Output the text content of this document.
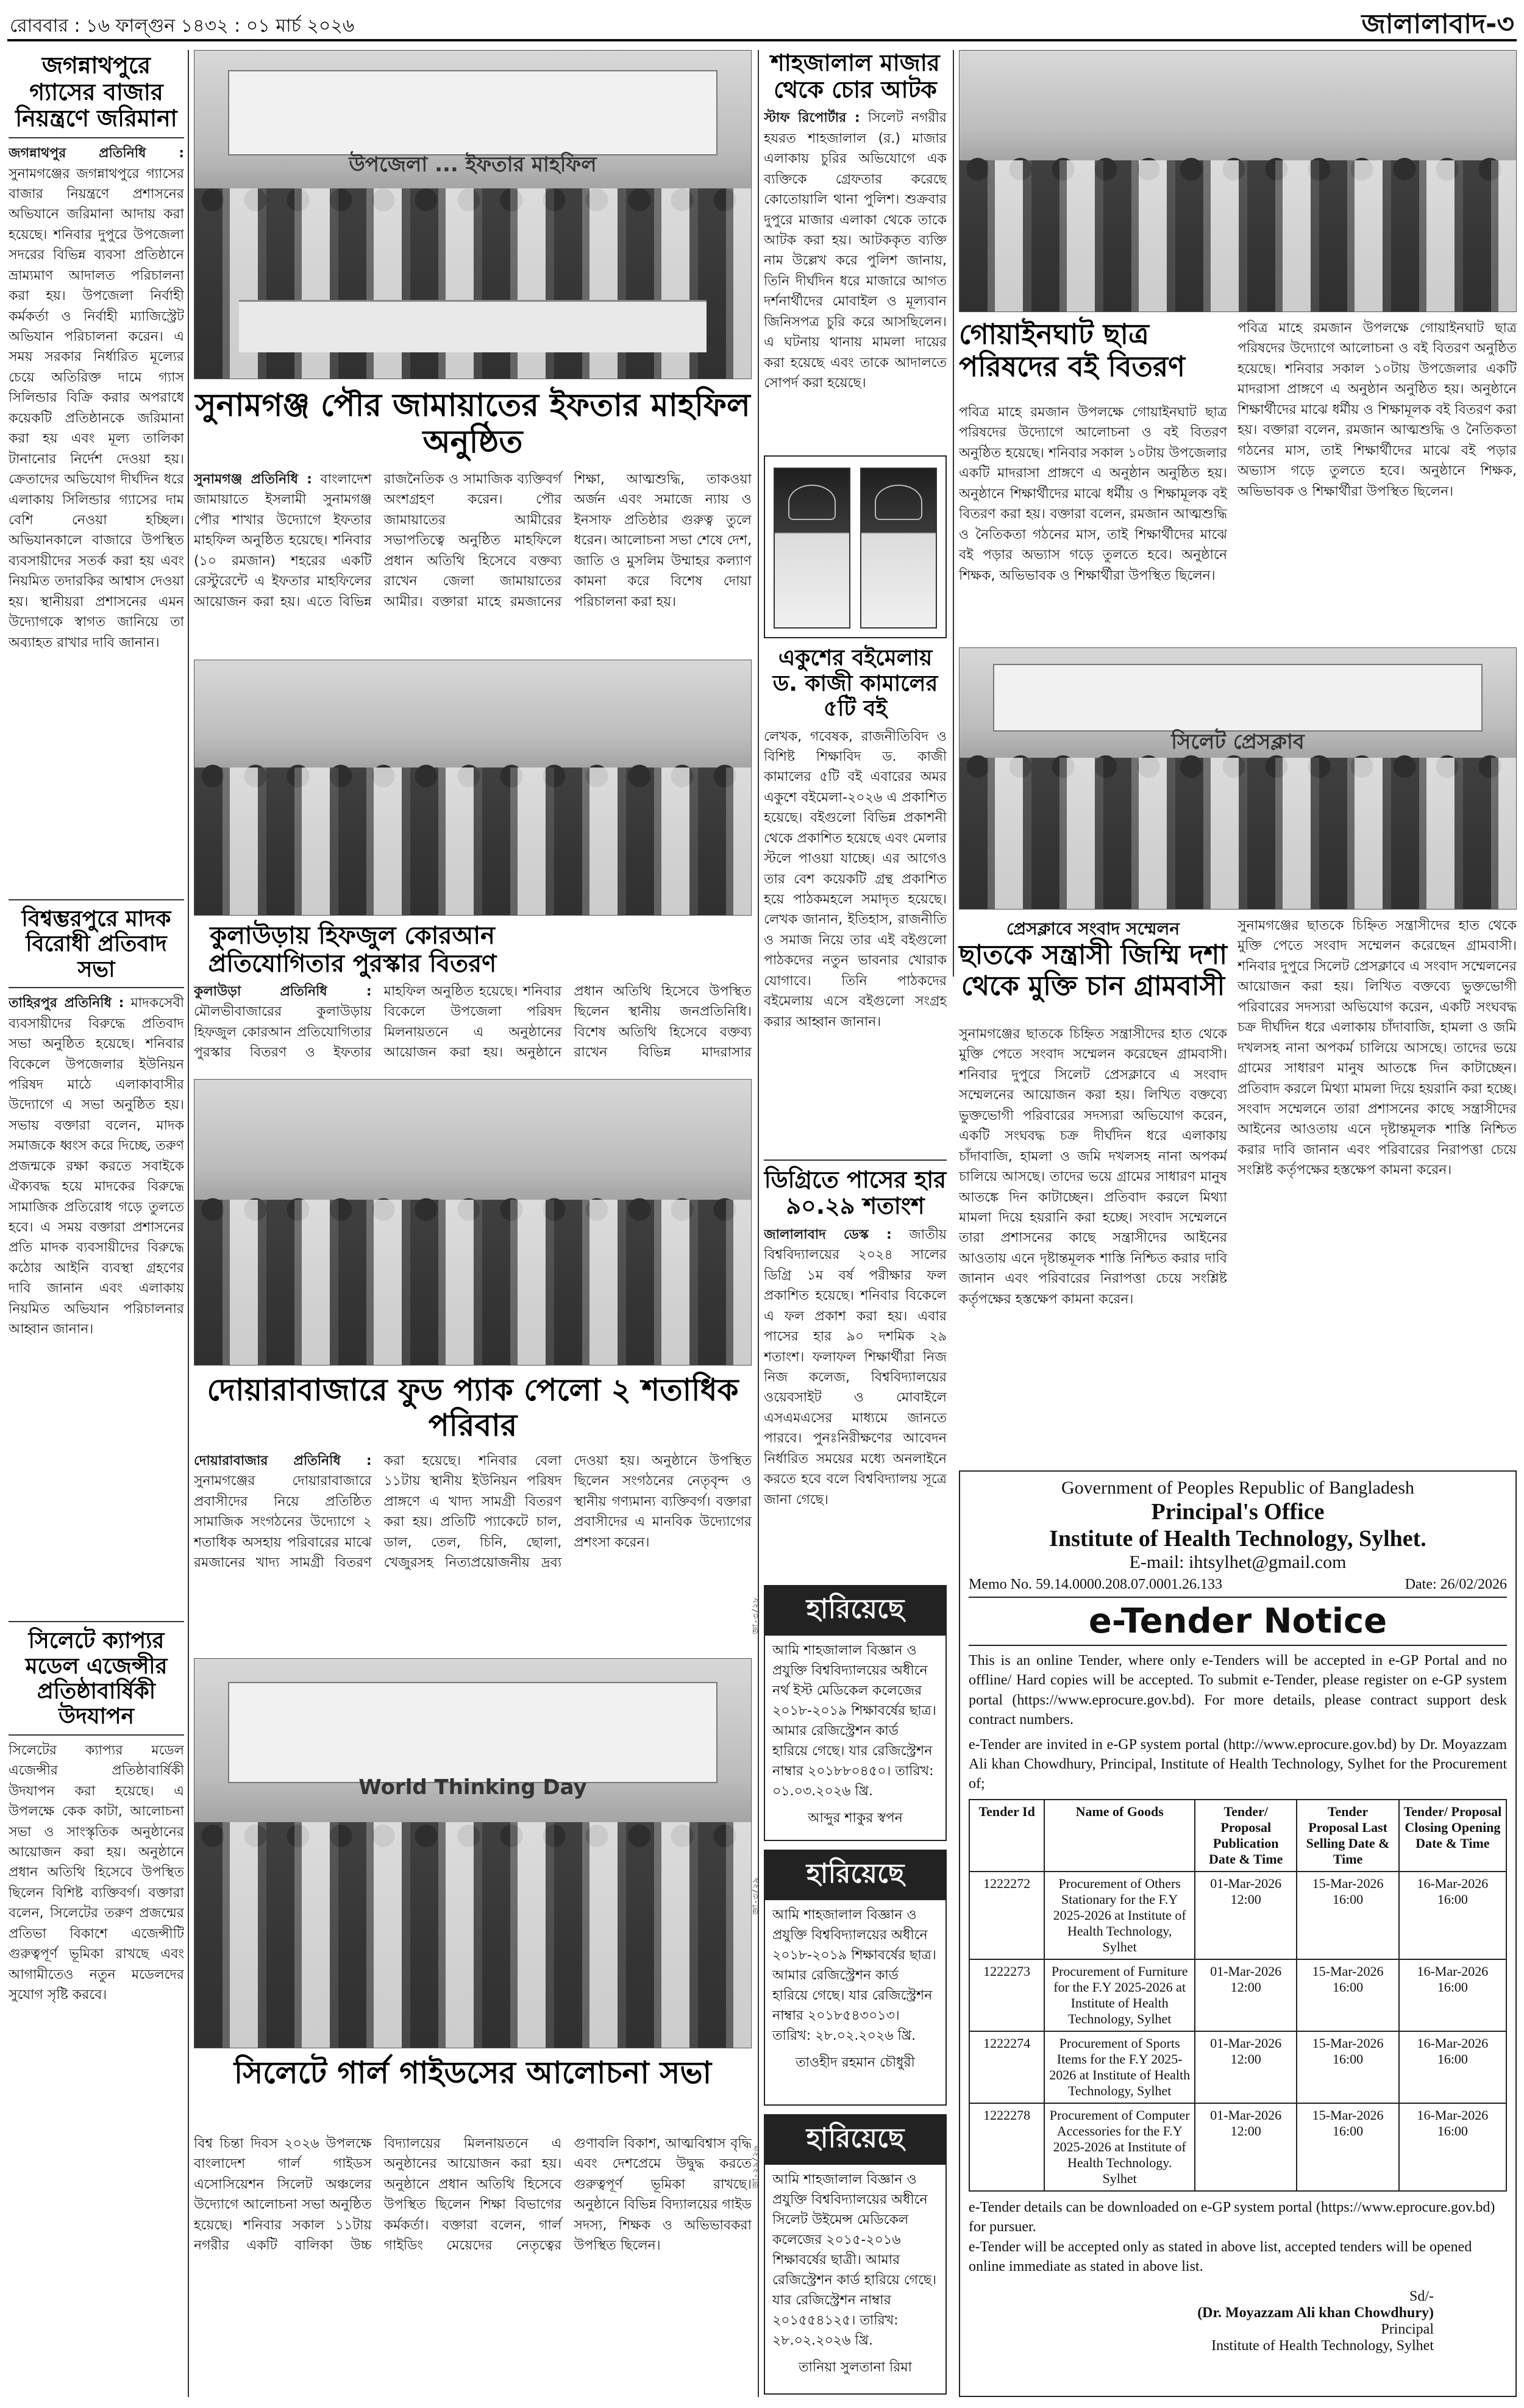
রোববার : ১৬ ফাল্গুন ১৪৩২ : ০১ মার্চ ২০২৬	জালালাবাদ-৩
জগন্নাথপুরে গ্যাসের বাজার নিয়ন্ত্রণে জরিমানা
জগন্নাথপুর প্রতিনিধি : সুনামগঞ্জের জগন্নাথপুরে গ্যাসের বাজার নিয়ন্ত্রণে প্রশাসনের অভিযানে জরিমানা আদায় করা হয়েছে। শনিবার দুপুরে উপজেলা সদরের বিভিন্ন ব্যবসা প্রতিষ্ঠানে ভ্রাম্যমাণ আদালত পরিচালনা করা হয়। উপজেলা নির্বাহী কর্মকর্তা ও নির্বাহী ম্যাজিস্ট্রেট অভিযান পরিচালনা করেন। এ সময় সরকার নির্ধারিত মূল্যের চেয়ে অতিরিক্ত দামে গ্যাস সিলিন্ডার বিক্রি করার অপরাধে কয়েকটি প্রতিষ্ঠানকে জরিমানা করা হয় এবং মূল্য তালিকা টানানোর নির্দেশ দেওয়া হয়। ক্রেতাদের অভিযোগ দীর্ঘদিন ধরে এলাকায় সিলিন্ডার গ্যাসের দাম বেশি নেওয়া হচ্ছিল। অভিযানকালে বাজারে উপস্থিত ব্যবসায়ীদের সতর্ক করা হয় এবং নিয়মিত তদারকির আশ্বাস দেওয়া হয়। স্থানীয়রা প্রশাসনের এমন উদ্যোগকে স্বাগত জানিয়ে তা অব্যাহত রাখার দাবি জানান।
বিশ্বম্ভরপুরে মাদক বিরোধী প্রতিবাদ সভা
তাহিরপুর প্রতিনিধি : মাদকসেবী ব্যবসায়ীদের বিরুদ্ধে প্রতিবাদ সভা অনুষ্ঠিত হয়েছে। শনিবার বিকেলে উপজেলার ইউনিয়ন পরিষদ মাঠে এলাকাবাসীর উদ্যোগে এ সভা অনুষ্ঠিত হয়। সভায় বক্তারা বলেন, মাদক সমাজকে ধ্বংস করে দিচ্ছে, তরুণ প্রজন্মকে রক্ষা করতে সবাইকে ঐক্যবদ্ধ হয়ে মাদকের বিরুদ্ধে সামাজিক প্রতিরোধ গড়ে তুলতে হবে। এ সময় বক্তারা প্রশাসনের প্রতি মাদক ব্যবসায়ীদের বিরুদ্ধে কঠোর আইনি ব্যবস্থা গ্রহণের দাবি জানান এবং এলাকায় নিয়মিত অভিযান পরিচালনার আহ্বান জানান।
সিলেটে ক্যাপ্যর মডেল এজেন্সীর প্রতিষ্ঠাবার্ষিকী উদযাপন
সিলেটের ক্যাপ্যর মডেল এজেন্সীর প্রতিষ্ঠাবার্ষিকী উদযাপন করা হয়েছে। এ উপলক্ষে কেক কাটা, আলোচনা সভা ও সাংস্কৃতিক অনুষ্ঠানের আয়োজন করা হয়। অনুষ্ঠানে প্রধান অতিথি হিসেবে উপস্থিত ছিলেন বিশিষ্ট ব্যক্তিবর্গ। বক্তারা বলেন, সিলেটের তরুণ প্রজন্মের প্রতিভা বিকাশে এজেন্সীটি গুরুত্বপূর্ণ ভূমিকা রাখছে এবং আগামীতেও নতুন মডেলদের সুযোগ সৃষ্টি করবে।
উপজেলা ... ইফতার মাহফিল
সুনামগঞ্জ পৌর জামায়াতের ইফতার মাহফিল অনুষ্ঠিত
সুনামগঞ্জ প্রতিনিধি : বাংলাদেশ জামায়াতে ইসলামী সুনামগঞ্জ পৌর শাখার উদ্যোগে ইফতার মাহফিল অনুষ্ঠিত হয়েছে। শনিবার (১০ রমজান) শহরের একটি রেস্টুরেন্টে এ ইফতার মাহফিলের আয়োজন করা হয়। এতে বিভিন্ন রাজনৈতিক ও সামাজিক ব্যক্তিবর্গ অংশগ্রহণ করেন। পৌর জামায়াতের আমীরের সভাপতিত্বে অনুষ্ঠিত মাহফিলে প্রধান অতিথি হিসেবে বক্তব্য রাখেন জেলা জামায়াতের আমীর। বক্তারা মাহে রমজানের শিক্ষা, আত্মশুদ্ধি, তাকওয়া অর্জন এবং সমাজে ন্যায় ও ইনসাফ প্রতিষ্ঠার গুরুত্ব তুলে ধরেন। আলোচনা সভা শেষে দেশ, জাতি ও মুসলিম উম্মাহর কল্যাণ কামনা করে বিশেষ দোয়া পরিচালনা করা হয়।
কুলাউড়ায় হিফজুল কোরআন প্রতিযোগিতার পুরস্কার বিতরণ
কুলাউড়া প্রতিনিধি : মৌলভীবাজারের কুলাউড়ায় হিফজুল কোরআন প্রতিযোগিতার পুরস্কার বিতরণ ও ইফতার মাহফিল অনুষ্ঠিত হয়েছে। শনিবার বিকেলে উপজেলা পরিষদ মিলনায়তনে এ অনুষ্ঠানের আয়োজন করা হয়। অনুষ্ঠানে প্রধান অতিথি হিসেবে উপস্থিত ছিলেন স্থানীয় জনপ্রতিনিধি। বিশেষ অতিথি হিসেবে বক্তব্য রাখেন বিভিন্ন মাদরাসার
দোয়ারাবাজারে ফুড প্যাক পেলো ২ শতাধিক পরিবার
দোয়ারাবাজার প্রতিনিধি : সুনামগঞ্জের দোয়ারাবাজারে প্রবাসীদের নিয়ে প্রতিষ্ঠিত সামাজিক সংগঠনের উদ্যোগে ২ শতাধিক অসহায় পরিবারের মাঝে রমজানের খাদ্য সামগ্রী বিতরণ করা হয়েছে। শনিবার বেলা ১১টায় স্থানীয় ইউনিয়ন পরিষদ প্রাঙ্গণে এ খাদ্য সামগ্রী বিতরণ করা হয়। প্রতিটি প্যাকেটে চাল, ডাল, তেল, চিনি, ছোলা, খেজুরসহ নিত্যপ্রয়োজনীয় দ্রব্য দেওয়া হয়। অনুষ্ঠানে উপস্থিত ছিলেন সংগঠনের নেতৃবৃন্দ ও স্থানীয় গণ্যমান্য ব্যক্তিবর্গ। বক্তারা প্রবাসীদের এ মানবিক উদ্যোগের প্রশংসা করেন।
World Thinking Day
সিলেটে গার্ল গাইডসের আলোচনা সভা
বিশ্ব চিন্তা দিবস ২০২৬ উপলক্ষে বাংলাদেশ গার্ল গাইডস এসোসিয়েশন সিলেট অঞ্চলের উদ্যোগে আলোচনা সভা অনুষ্ঠিত হয়েছে। শনিবার সকাল ১১টায় নগরীর একটি বালিকা উচ্চ বিদ্যালয়ের মিলনায়তনে এ অনুষ্ঠানের আয়োজন করা হয়। অনুষ্ঠানে প্রধান অতিথি হিসেবে উপস্থিত ছিলেন শিক্ষা বিভাগের কর্মকর্তা। বক্তারা বলেন, গার্ল গাইডিং মেয়েদের নেতৃত্বের গুণাবলি বিকাশ, আত্মবিশ্বাস বৃদ্ধি এবং দেশপ্রেমে উদ্বুদ্ধ করতে গুরুত্বপূর্ণ ভূমিকা রাখছে। অনুষ্ঠানে বিভিন্ন বিদ্যালয়ের গাইড সদস্য, শিক্ষক ও অভিভাবকরা উপস্থিত ছিলেন।
শাহজালাল মাজার থেকে চোর আটক
স্টাফ রিপোর্টার : সিলেট নগরীর হযরত শাহজালাল (র.) মাজার এলাকায় চুরির অভিযোগে এক ব্যক্তিকে গ্রেফতার করেছে কোতোয়ালি থানা পুলিশ। শুক্রবার দুপুরে মাজার এলাকা থেকে তাকে আটক করা হয়। আটককৃত ব্যক্তি নাম উল্লেখ করে পুলিশ জানায়, তিনি দীর্ঘদিন ধরে মাজারে আগত দর্শনার্থীদের মোবাইল ও মূল্যবান জিনিসপত্র চুরি করে আসছিলেন। এ ঘটনায় থানায় মামলা দায়ের করা হয়েছে এবং তাকে আদালতে সোপর্দ করা হয়েছে।
একুশের বইমেলায় ড. কাজী কামালের ৫টি বই
লেখক, গবেষক, রাজনীতিবিদ ও বিশিষ্ট শিক্ষাবিদ ড. কাজী কামালের ৫টি বই এবারের অমর একুশে বইমেলা-২০২৬ এ প্রকাশিত হয়েছে। বইগুলো বিভিন্ন প্রকাশনী থেকে প্রকাশিত হয়েছে এবং মেলার স্টলে পাওয়া যাচ্ছে। এর আগেও তার বেশ কয়েকটি গ্রন্থ প্রকাশিত হয়ে পাঠকমহলে সমাদৃত হয়েছে। লেখক জানান, ইতিহাস, রাজনীতি ও সমাজ নিয়ে তার এই বইগুলো পাঠকদের নতুন ভাবনার খোরাক যোগাবে। তিনি পাঠকদের বইমেলায় এসে বইগুলো সংগ্রহ করার আহ্বান জানান।
ডিগ্রিতে পাসের হার ৯০.২৯ শতাংশ
জালালাবাদ ডেস্ক : জাতীয় বিশ্ববিদ্যালয়ের ২০২৪ সালের ডিগ্রি ১ম বর্ষ পরীক্ষার ফল প্রকাশিত হয়েছে। শনিবার বিকেলে এ ফল প্রকাশ করা হয়। এবার পাসের হার ৯০ দশমিক ২৯ শতাংশ। ফলাফল শিক্ষার্থীরা নিজ নিজ কলেজ, বিশ্ববিদ্যালয়ের ওয়েবসাইট ও মোবাইলে এসএমএসের মাধ্যমে জানতে পারবে। পুনঃনিরীক্ষণের আবেদন নির্ধারিত সময়ের মধ্যে অনলাইনে করতে হবে বলে বিশ্ববিদ্যালয় সূত্রে জানা গেছে।
হারিয়েছে
আমি শাহজালাল বিজ্ঞান ও প্রযুক্তি বিশ্ববিদ্যালয়ের অধীনে নর্থ ইস্ট মেডিকেল কলেজের ২০১৮-২০১৯ শিক্ষাবর্ষের ছাত্র। আমার রেজিস্ট্রেশন কার্ড হারিয়ে গেছে। যার রেজিস্ট্রেশন নাম্বার ২০১৮৮০৪৫০। তারিখ: ০১.০৩.২০২৬ খ্রি.
আব্দুর শাকুর স্বপন
হারিয়েছে
আমি শাহজালাল বিজ্ঞান ও প্রযুক্তি বিশ্ববিদ্যালয়ের অধীনে ২০১৮-২০১৯ শিক্ষাবর্ষের ছাত্র। আমার রেজিস্ট্রেশন কার্ড হারিয়ে গেছে। যার রেজিস্ট্রেশন নাম্বার ২০১৮৫৪৩০১৩। তারিখ: ২৮.০২.২০২৬ খ্রি.
তাওহীদ রহমান চৌধুরী
হারিয়েছে
আমি শাহজালাল বিজ্ঞান ও প্রযুক্তি বিশ্ববিদ্যালয়ের অধীনে সিলেট উইমেন্স মেডিকেল কলেজের ২০১৫-২০১৬ শিক্ষাবর্ষের ছাত্রী। আমার রেজিস্ট্রেশন কার্ড হারিয়ে গেছে। যার রেজিস্ট্রেশন নাম্বার ২০১৫৫৪১২৫। তারিখ: ২৮.০২.২০২৬ খ্রি.
তানিয়া সুলতানা রিমা
জা-৩/২৮
জা-৩/২৯
জা-২৯/২৬
গোয়াইনঘাট ছাত্র পরিষদের বই বিতরণ
পবিত্র মাহে রমজান উপলক্ষে গোয়াইনঘাট ছাত্র পরিষদের উদ্যোগে আলোচনা ও বই বিতরণ অনুষ্ঠিত হয়েছে। শনিবার সকাল ১০টায় উপজেলার একটি মাদরাসা প্রাঙ্গণে এ অনুষ্ঠান অনুষ্ঠিত হয়। অনুষ্ঠানে শিক্ষার্থীদের মাঝে ধর্মীয় ও শিক্ষামূলক বই বিতরণ করা হয়। বক্তারা বলেন, রমজান আত্মশুদ্ধি ও নৈতিকতা গঠনের মাস, তাই শিক্ষার্থীদের মাঝে বই পড়ার অভ্যাস গড়ে তুলতে হবে। অনুষ্ঠানে শিক্ষক, অভিভাবক ও শিক্ষার্থীরা উপস্থিত ছিলেন।
পবিত্র মাহে রমজান উপলক্ষে গোয়াইনঘাট ছাত্র পরিষদের উদ্যোগে আলোচনা ও বই বিতরণ অনুষ্ঠিত হয়েছে। শনিবার সকাল ১০টায় উপজেলার একটি মাদরাসা প্রাঙ্গণে এ অনুষ্ঠান অনুষ্ঠিত হয়। অনুষ্ঠানে শিক্ষার্থীদের মাঝে ধর্মীয় ও শিক্ষামূলক বই বিতরণ করা হয়। বক্তারা বলেন, রমজান আত্মশুদ্ধি ও নৈতিকতা গঠনের মাস, তাই শিক্ষার্থীদের মাঝে বই পড়ার অভ্যাস গড়ে তুলতে হবে। অনুষ্ঠানে শিক্ষক, অভিভাবক ও শিক্ষার্থীরা উপস্থিত ছিলেন।
সিলেট প্রেসক্লাব
প্রেসক্লাবে সংবাদ সম্মেলন
ছাতকে সন্ত্রাসী জিম্মি দশা থেকে মুক্তি চান গ্রামবাসী
সুনামগঞ্জের ছাতকে চিহ্নিত সন্ত্রাসীদের হাত থেকে মুক্তি পেতে সংবাদ সম্মেলন করেছেন গ্রামবাসী। শনিবার দুপুরে সিলেট প্রেসক্লাবে এ সংবাদ সম্মেলনের আয়োজন করা হয়। লিখিত বক্তব্যে ভুক্তভোগী পরিবারের সদস্যরা অভিযোগ করেন, একটি সংঘবদ্ধ চক্র দীর্ঘদিন ধরে এলাকায় চাঁদাবাজি, হামলা ও জমি দখলসহ নানা অপকর্ম চালিয়ে আসছে। তাদের ভয়ে গ্রামের সাধারণ মানুষ আতঙ্কে দিন কাটাচ্ছেন। প্রতিবাদ করলে মিথ্যা মামলা দিয়ে হয়রানি করা হচ্ছে। সংবাদ সম্মেলনে তারা প্রশাসনের কাছে সন্ত্রাসীদের আইনের আওতায় এনে দৃষ্টান্তমূলক শাস্তি নিশ্চিত করার দাবি জানান এবং পরিবারের নিরাপত্তা চেয়ে সংশ্লিষ্ট কর্তৃপক্ষের হস্তক্ষেপ কামনা করেন।
সুনামগঞ্জের ছাতকে চিহ্নিত সন্ত্রাসীদের হাত থেকে মুক্তি পেতে সংবাদ সম্মেলন করেছেন গ্রামবাসী। শনিবার দুপুরে সিলেট প্রেসক্লাবে এ সংবাদ সম্মেলনের আয়োজন করা হয়। লিখিত বক্তব্যে ভুক্তভোগী পরিবারের সদস্যরা অভিযোগ করেন, একটি সংঘবদ্ধ চক্র দীর্ঘদিন ধরে এলাকায় চাঁদাবাজি, হামলা ও জমি দখলসহ নানা অপকর্ম চালিয়ে আসছে। তাদের ভয়ে গ্রামের সাধারণ মানুষ আতঙ্কে দিন কাটাচ্ছেন। প্রতিবাদ করলে মিথ্যা মামলা দিয়ে হয়রানি করা হচ্ছে। সংবাদ সম্মেলনে তারা প্রশাসনের কাছে সন্ত্রাসীদের আইনের আওতায় এনে দৃষ্টান্তমূলক শাস্তি নিশ্চিত করার দাবি জানান এবং পরিবারের নিরাপত্তা চেয়ে সংশ্লিষ্ট কর্তৃপক্ষের হস্তক্ষেপ কামনা করেন।
Government of Peoples Republic of Bangladesh
Principal's Office
Institute of Health Technology, Sylhet.
E-mail: ihtsylhet@gmail.com
Memo No. 59.14.0000.208.07.0001.26.133	Date: 26/02/2026
e-Tender Notice
This is an online Tender, where only e-Tenders will be accepted in e-GP Portal and no offline/ Hard copies will be accepted. To submit e-Tender, please register on e-GP system portal (https://www.eprocure.gov.bd). For more details, please contract support desk contract numbers.
e-Tender are invited in e-GP system portal (http://www.eprocure.gov.bd) by Dr. Moyazzam Ali khan Chowdhury, Principal, Institute of Health Technology, Sylhet for the Procurement of;
Tender Id	Name of Goods	Tender/ Proposal Publication Date & Time	Tender Proposal Last Selling Date & Time	Tender/ Proposal Closing Opening Date & Time
1222272	Procurement of Others Stationary for the F.Y 2025-2026 at Institute of Health Technology, Sylhet	01-Mar-2026 12:00	15-Mar-2026 16:00	16-Mar-2026 16:00
1222273	Procurement of Furniture for the F.Y 2025-2026 at Institute of Health Technology, Sylhet	01-Mar-2026 12:00	15-Mar-2026 16:00	16-Mar-2026 16:00
1222274	Procurement of Sports Items for the F.Y 2025-2026 at Institute of Health Technology, Sylhet	01-Mar-2026 12:00	15-Mar-2026 16:00	16-Mar-2026 16:00
1222278	Procurement of Computer Accessories for the F.Y 2025-2026 at Institute of Health Technology. Sylhet	01-Mar-2026 12:00	15-Mar-2026 16:00	16-Mar-2026 16:00
e-Tender details can be downloaded on e-GP system portal (https://www.eprocure.gov.bd) for pursuer.
e-Tender will be accepted only as stated in above list, accepted tenders will be opened online immediate as stated in above list.
Sd/-
(Dr. Moyazzam Ali khan Chowdhury)
Principal
Institute of Health Technology, Sylhet
